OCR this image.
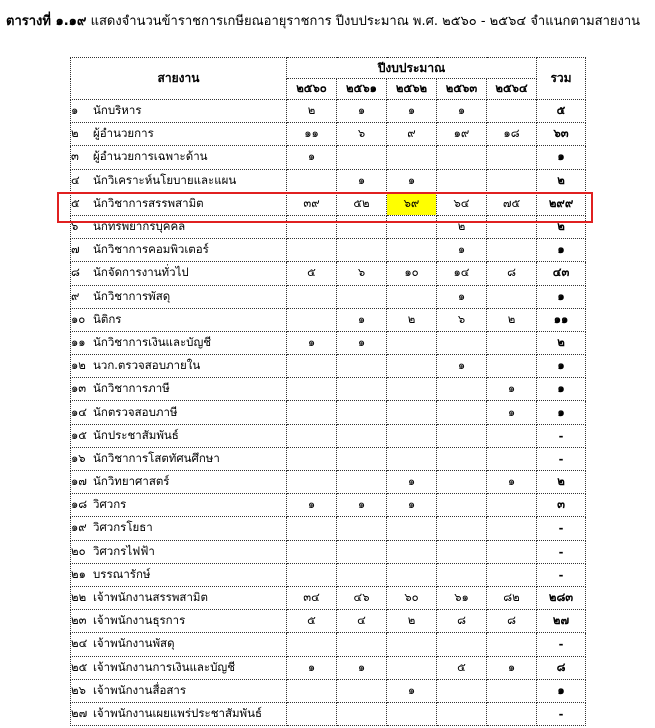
ตารางที่ ๑.๑๙ แสดงจำนวนข้าราชการเกษียณอายุราชการ ปีงบประมาณ พ.ศ. ๒๕๖๐ - ๒๕๖๔ จำแนกตามสายงาน
สายงาน	ปีงบประมาณ					รวม
	๒๕๖๐	๒๕๖๑	๒๕๖๒	๒๕๖๓	๒๕๖๔	
๑ นักบริหาร	๒	๑	๑	๑		๕
๒ ผู้อำนวยการ	๑๑	๖	๙	๑๙	๑๘	๖๓
๓ ผู้อำนวยการเฉพาะด้าน	๑					๑
๔ นักวิเคราะห์นโยบายและแผน		๑	๑			๒
๕ นักวิชาการสรรพสามิต	๓๙	๕๒	๖๙	๖๔	๗๕	๒๙๙
๖ นักทรัพยากรบุคคล				๒		๒
๗ นักวิชาการคอมพิวเตอร์				๑		๑
๘ นักจัดการงานทั่วไป	๕	๖	๑๐	๑๔	๘	๔๓
๙ นักวิชาการพัสดุ				๑		๑
๑๐ นิติกร		๑	๒	๖	๒	๑๑
๑๑ นักวิชาการเงินและบัญชี	๑	๑				๒
๑๒ นวก.ตรวจสอบภายใน				๑		๑
๑๓ นักวิชาการภาษี					๑	๑
๑๔ นักตรวจสอบภาษี					๑	๑
๑๕ นักประชาสัมพันธ์						-
๑๖ นักวิชาการโสตทัศนศึกษา						-
๑๗ นักวิทยาศาสตร์			๑		๑	๒
๑๘ วิศวกร	๑	๑	๑			๓
๑๙ วิศวกรโยธา						-
๒๐ วิศวกรไฟฟ้า						-
๒๑ บรรณารักษ์						-
๒๒ เจ้าพนักงานสรรพสามิต	๓๔	๔๖	๖๐	๖๑	๘๒	๒๘๓
๒๓ เจ้าพนักงานธุรการ	๕	๔	๒	๘	๘	๒๗
๒๔ เจ้าพนักงานพัสดุ						-
๒๕ เจ้าพนักงานการเงินและบัญชี	๑	๑		๕	๑	๘
๒๖ เจ้าพนักงานสื่อสาร			๑			๑
๒๗ เจ้าพนักงานเผยแพร่ประชาสัมพันธ์						-
